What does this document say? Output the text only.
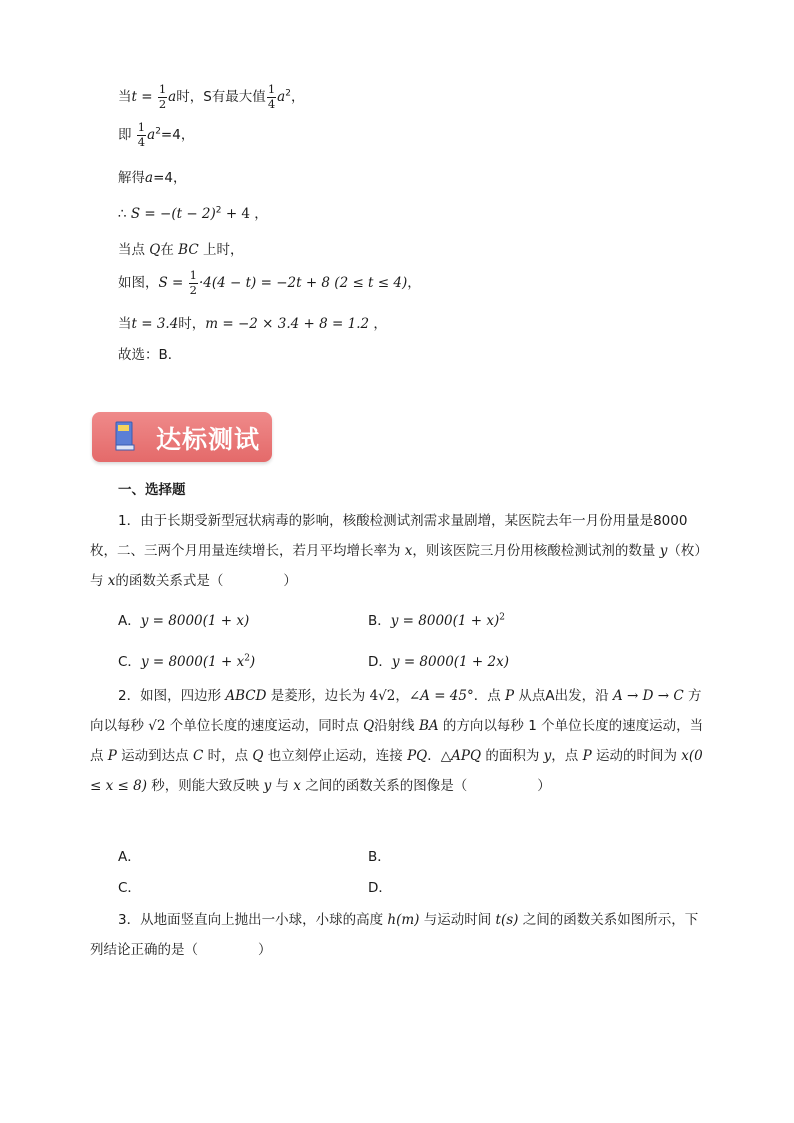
当$t = \frac{1}{2}$ a时，S有最大值 $\frac{1}{4} a^2$，
即 $\frac{1}{4} a^2=4$，
解得a=4，
∴ $S = -(t - 2)^2 + 4$ ，
当点 Q在 BC 上时，
如图，$S = \frac{1}{2} \cdot 4(4 - t) = -2t + 8$ (2 ≤ t ≤ 4)，
当t = 3.4时，m = −2 × 3.4 + 8 = 1.2 ，
故选：B．
达标测试
一、选择题
1．由于长期受新型冠状病毒的影响，核酸检测试剂需求量剧增，某医院去年一月份用量是8000枚，二、三两个月用量连续增长，若月平均增长率为 x，则该医院三月份用核酸检测试剂的数量 y（枚）与 x的函数关系式是（	）
A．y = 8000(1 + x)	B．$y = 8000(1 + x)^2$
C．$y = 8000(1 + x^2)$	D．y = 8000(1 + 2x)
2．如图，四边形 ABCD 是菱形，边长为 4√2，∠A = 45°．点 P 从点A出发，沿 A → D → C 方向以每秒 √2 个单位长度的速度运动，同时点 Q沿射线 BA 的方向以每秒 1 个单位长度的速度运动，当点 P 运动到达点 C 时，点 Q 也立刻停止运动，连接 PQ．△APQ 的面积为 y，点 P 运动的时间为 x(0 ≤ x ≤ 8) 秒，则能大致反映 y 与 x 之间的函数关系的图像是（	）
A．	B．
C．	D．
3．从地面竖直向上抛出一小球，小球的高度 h(m) 与运动时间 t(s) 之间的函数关系如图所示，下列结论正确的是（	）
